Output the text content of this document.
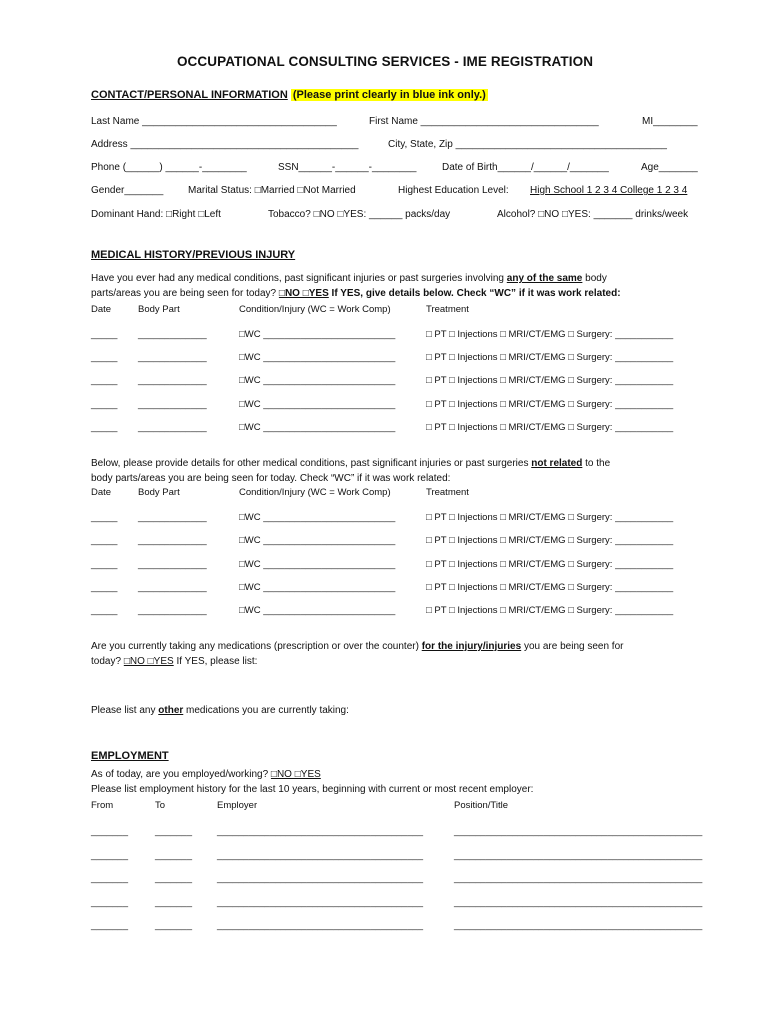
OCCUPATIONAL CONSULTING SERVICES - IME REGISTRATION
CONTACT/PERSONAL INFORMATION (Please print clearly in blue ink only.)
Last Name ___________________________________	First Name ________________________________	MI________
Address _________________________________________	City, State, Zip ______________________________________
Phone (______) ______-________	SSN______-______-________	Date of Birth______/______/_______	Age_______
Gender_______ Marital Status: □Married □Not Married	Highest Education Level: High School 1 2 3 4 College 1 2 3 4
Dominant Hand: □Right □Left	Tobacco? □NO □YES: ______ packs/day	Alcohol? □NO □YES: _______ drinks/week
MEDICAL HISTORY/PREVIOUS INJURY
Have you ever had any medical conditions, past significant injuries or past surgeries involving any of the same body
parts/areas you are being seen for today? □NO □YES If YES, give details below. Check “WC” if it was work related:
Date	Body Part	Condition/Injury (WC = Work Comp)	Treatment
_____ _____________	□WC _________________________	□ PT □ Injections □ MRI/CT/EMG □ Surgery: ___________
_____ _____________	□WC _________________________	□ PT □ Injections □ MRI/CT/EMG □ Surgery: ___________
_____ _____________	□WC _________________________	□ PT □ Injections □ MRI/CT/EMG □ Surgery: ___________
_____ _____________	□WC _________________________	□ PT □ Injections □ MRI/CT/EMG □ Surgery: ___________
_____ _____________	□WC _________________________	□ PT □ Injections □ MRI/CT/EMG □ Surgery: ___________
Below, please provide details for other medical conditions, past significant injuries or past surgeries not related to the
body parts/areas you are being seen for today. Check “WC” if it was work related:
Date	Body Part	Condition/Injury (WC = Work Comp)	Treatment
_____ _____________	□WC _________________________	□ PT □ Injections □ MRI/CT/EMG □ Surgery: ___________
_____ _____________	□WC _________________________	□ PT □ Injections □ MRI/CT/EMG □ Surgery: ___________
_____ _____________	□WC _________________________	□ PT □ Injections □ MRI/CT/EMG □ Surgery: ___________
_____ _____________	□WC _________________________	□ PT □ Injections □ MRI/CT/EMG □ Surgery: ___________
_____ _____________	□WC _________________________	□ PT □ Injections □ MRI/CT/EMG □ Surgery: ___________
Are you currently taking any medications (prescription or over the counter) for the injury/injuries you are being seen for
today? □NO □YES If YES, please list:
Please list any other medications you are currently taking:
EMPLOYMENT
As of today, are you employed/working? □NO □YES
Please list employment history for the last 10 years, beginning with current or most recent employer:
From	To	Employer	Position/Title
_______	_______	_______________________________________	_______________________________________________
_______	_______	_______________________________________	_______________________________________________
_______	_______	_______________________________________	_______________________________________________
_______	_______	_______________________________________	_______________________________________________
_______	_______	_______________________________________	_______________________________________________
